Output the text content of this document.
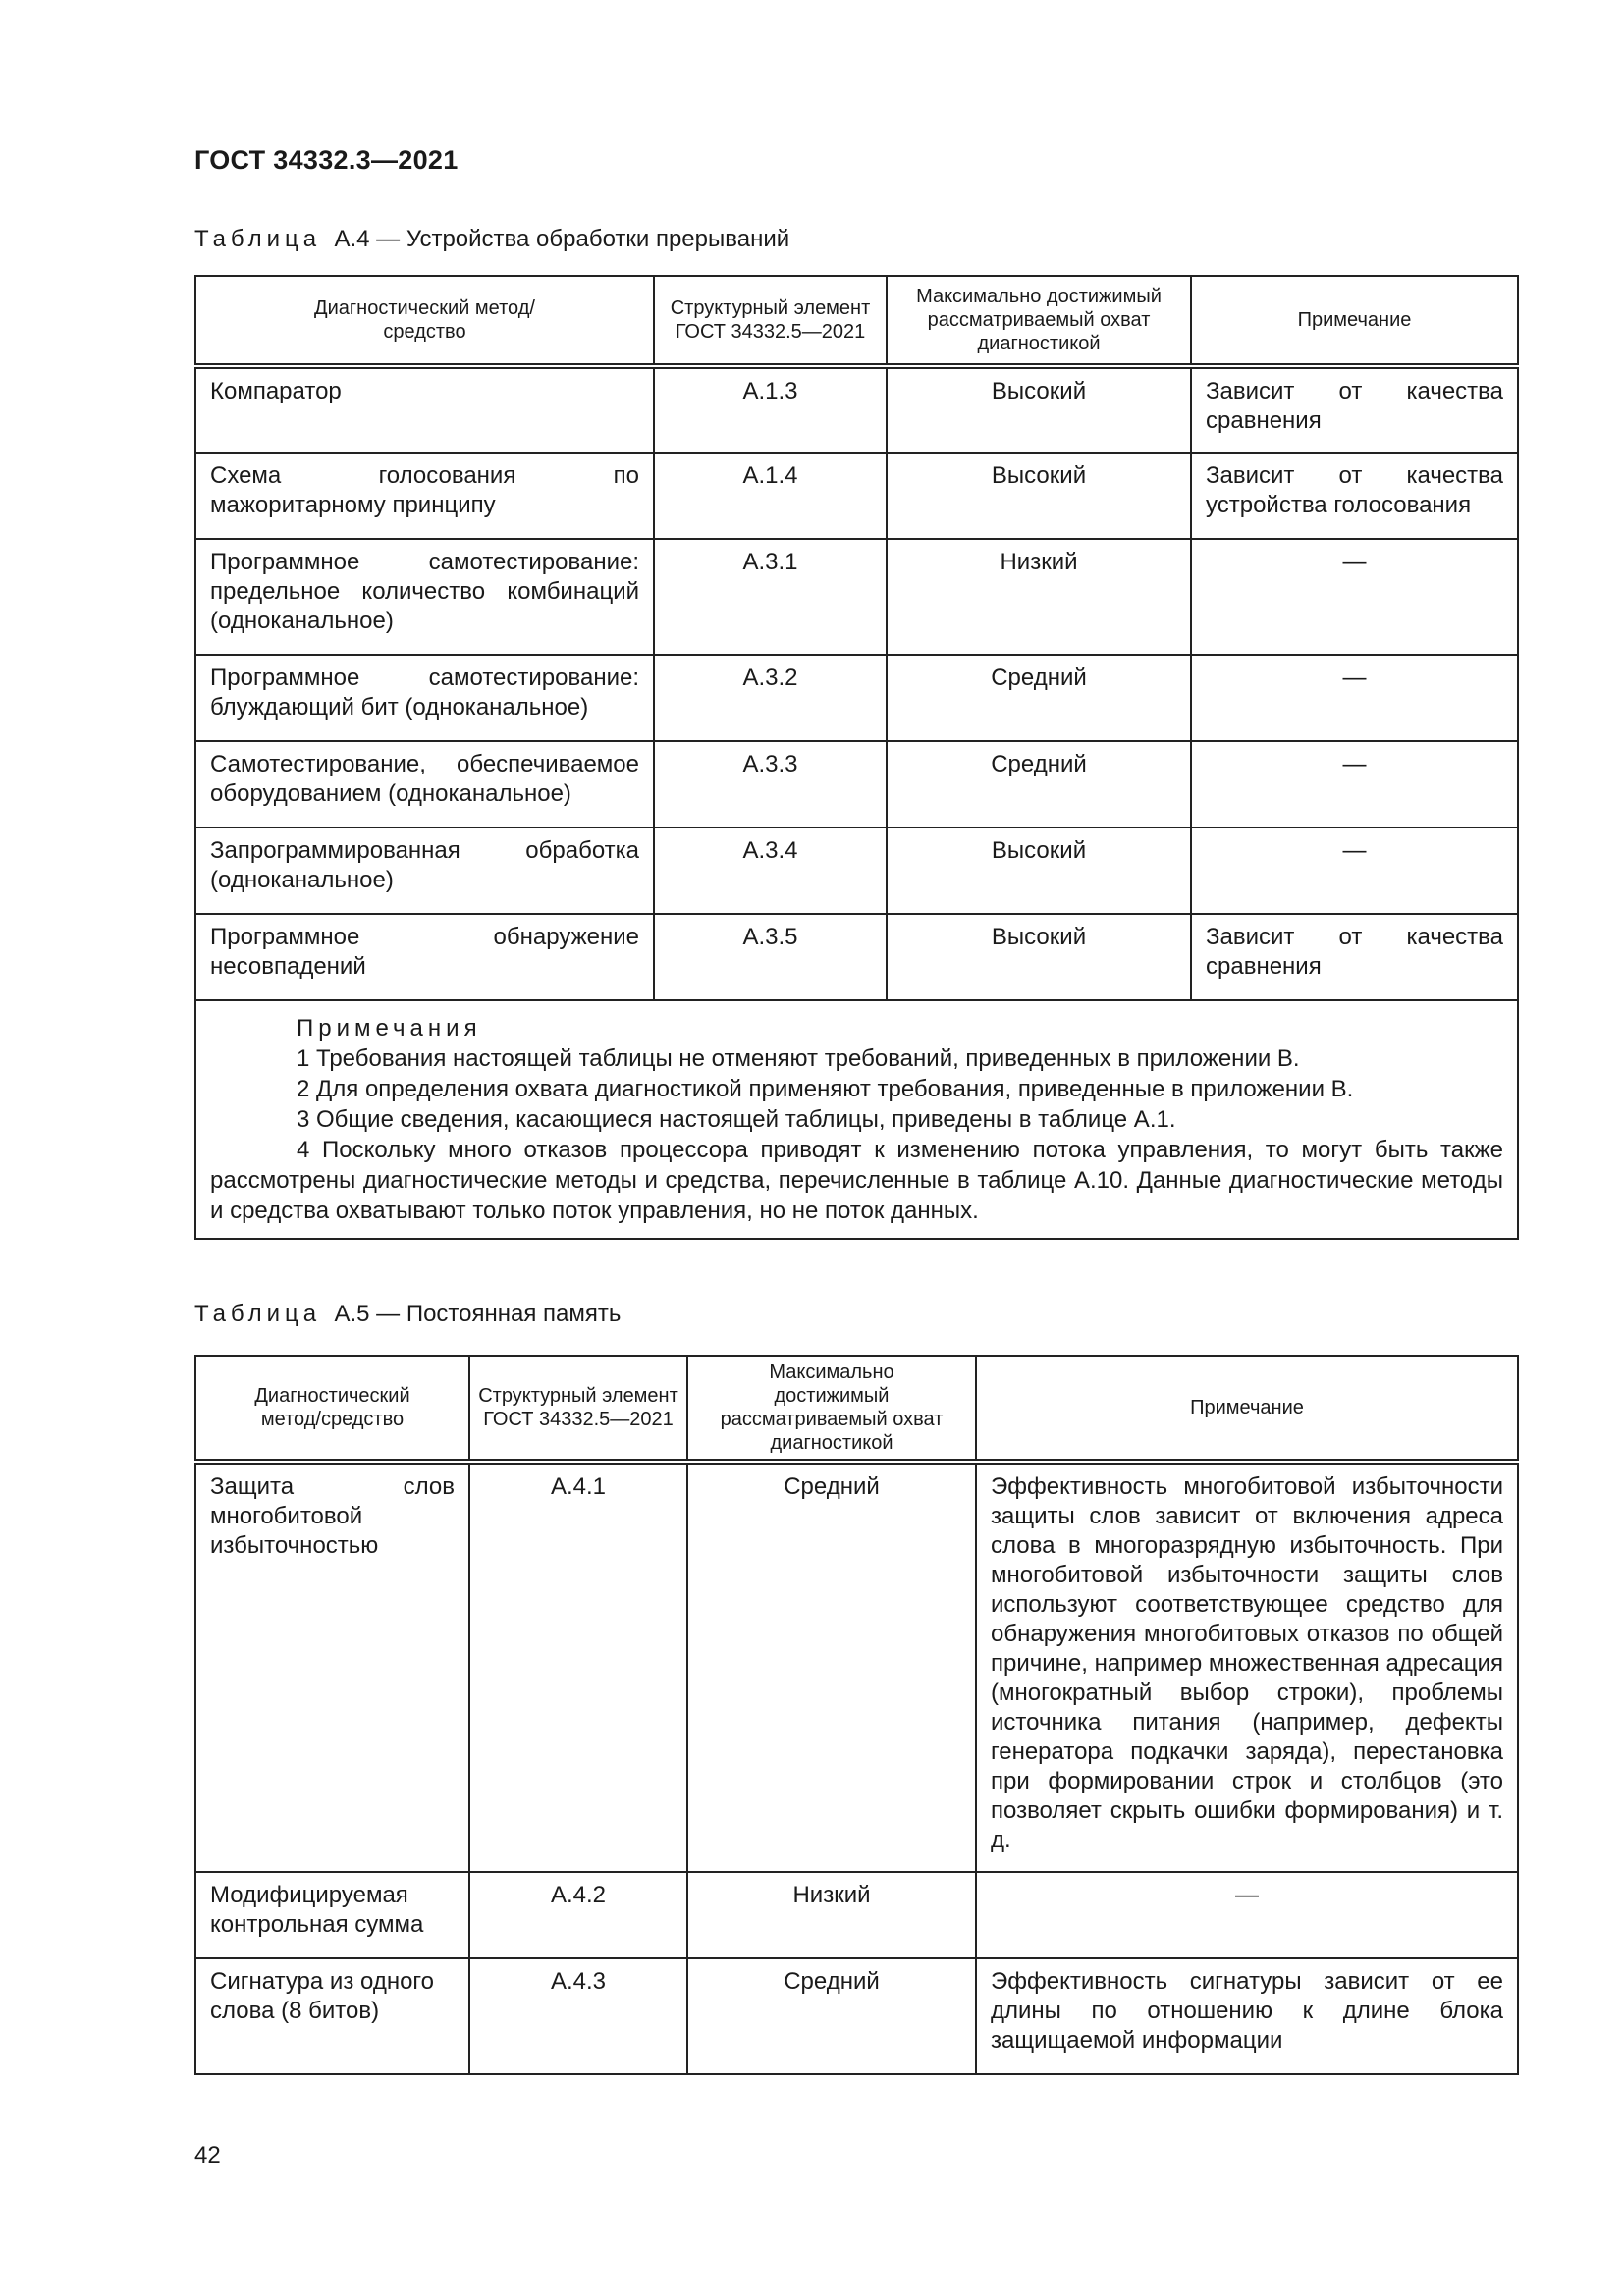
ГОСТ 34332.3—2021
Таблица А.4 — Устройства обработки прерываний
Диагностический метод/средство	Структурный элемент ГОСТ 34332.5—2021	Максимально достижимый рассматриваемый охват диагностикой	Примечание
Компаратор	A.1.3	Высокий	Зависит от качества сравнения
Схема голосования по мажоритарному принципу	A.1.4	Высокий	Зависит от качества устройства голосования
Программное самотестирование: предельное количество комбинаций (одноканальное)	A.3.1	Низкий	—
Программное самотестирование: блуждающий бит (одноканальное)	A.3.2	Средний	—
Самотестирование, обеспечиваемое оборудованием (одноканальное)	A.3.3	Средний	—
Запрограммированная обработка (одноканальное)	A.3.4	Высокий	—
Программное обнаружение несовпадений	A.3.5	Высокий	Зависит от качества сравнения

Примечания
1 Требования настоящей таблицы не отменяют требований, приведенных в приложении В.
2 Для определения охвата диагностикой применяют требования, приведенные в приложении В.
3 Общие сведения, касающиеся настоящей таблицы, приведены в таблице А.1.
4 Поскольку много отказов процессора приводят к изменению потока управления, то могут быть также рассмотрены диагностические методы и средства, перечисленные в таблице А.10. Данные диагностические методы и средства охватывают только поток управления, но не поток данных.			
Таблица А.5 — Постоянная память
Диагностический метод/средство	Структурный элемент ГОСТ 34332.5—2021	Максимально достижимый рассматриваемый охват диагностикой	Примечание
Защита слов многобитовой избыточностью	A.4.1	Средний	Эффективность многобитовой избыточности защиты слов зависит от включения адреса слова в многоразрядную избыточность. При многобитовой избыточности защиты слов используют соответствующее средство для обнаружения многобитовых отказов по общей причине, например множественная адресация (многократный выбор строки), проблемы источника питания (например, дефекты генератора подкачки заряда), перестановка при формировании строк и столбцов (это позволяет скрыть ошибки формирования) и т. д.
Модифицируемая контрольная сумма	A.4.2	Низкий	—
Сигнатура из одного слова (8 битов)	A.4.3	Средний	Эффективность сигнатуры зависит от ее длины по отношению к длине блока защищаемой информации
42
